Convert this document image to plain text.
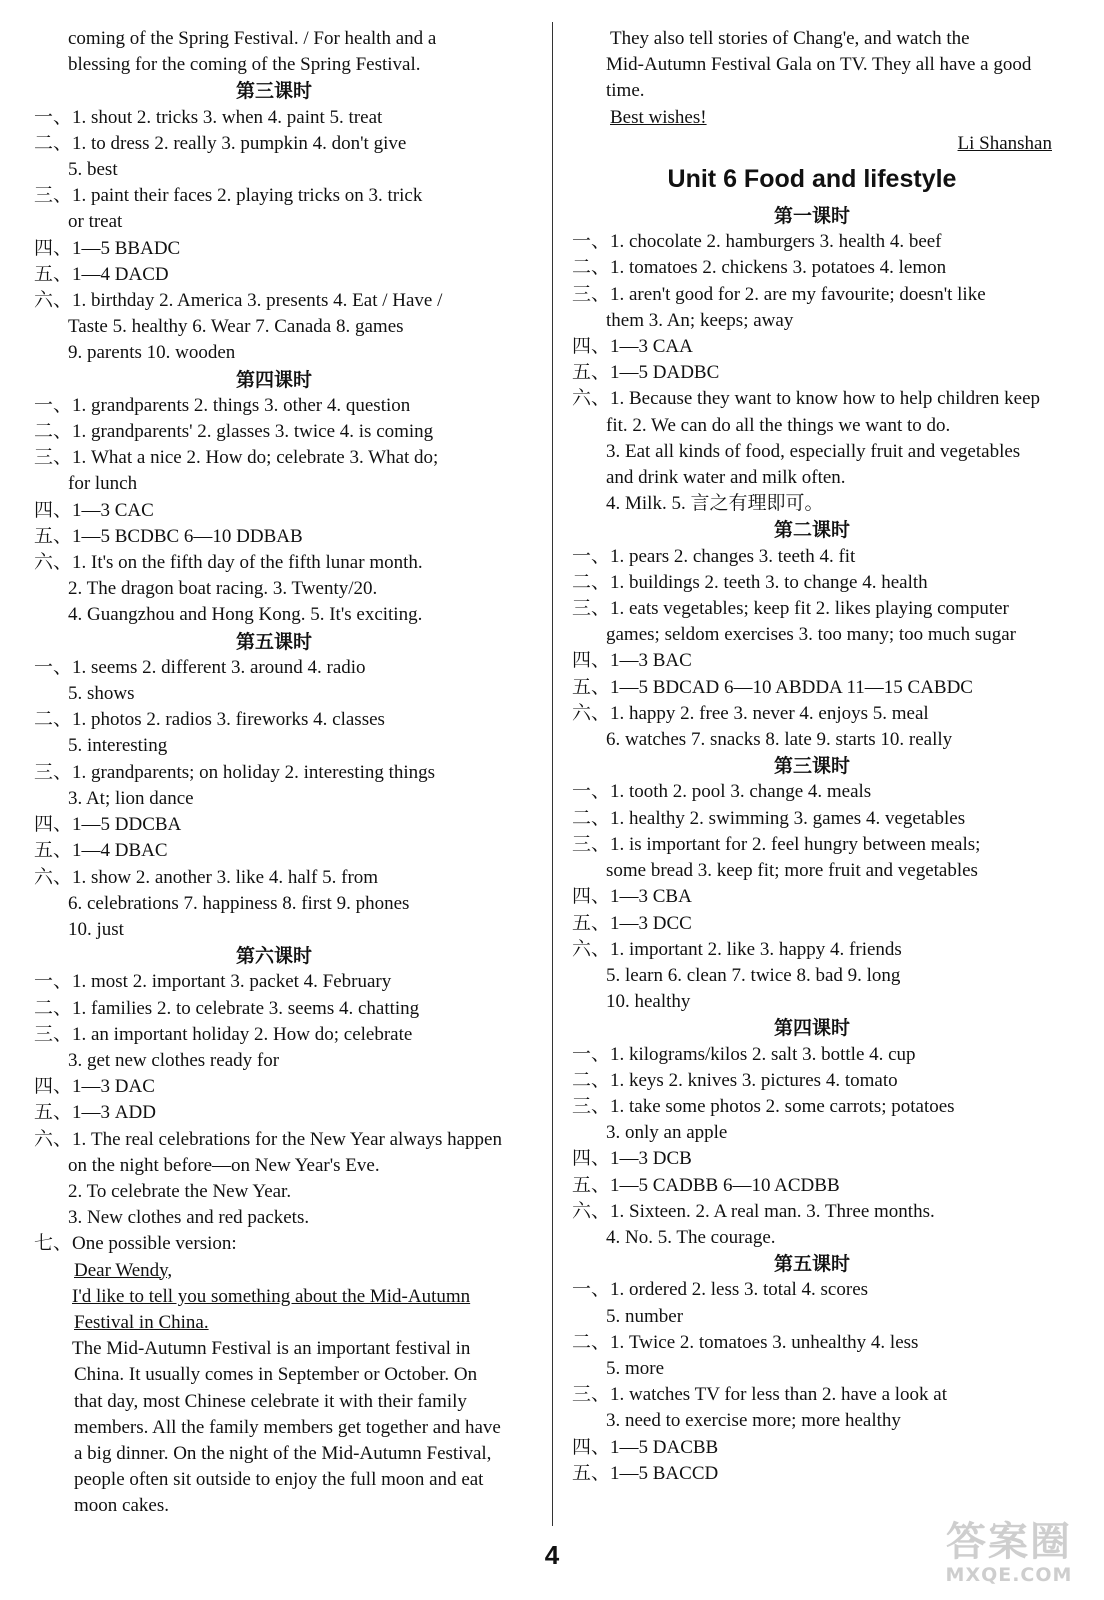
coming of the Spring Festival. / For health and a
blessing for the coming of the Spring Festival.
第三课时
一、1. shout 2. tricks 3. when 4. paint 5. treat
二、1. to dress 2. really 3. pumpkin 4. don't give
5. best
三、1. paint their faces 2. playing tricks on 3. trick
or treat
四、1—5 BBADC
五、1—4 DACD
六、1. birthday 2. America 3. presents 4. Eat / Have /
Taste 5. healthy 6. Wear 7. Canada 8. games
9. parents 10. wooden
第四课时
一、1. grandparents 2. things 3. other 4. question
二、1. grandparents' 2. glasses 3. twice 4. is coming
三、1. What a nice 2. How do; celebrate 3. What do;
for lunch
四、1—3 CAC
五、1—5 BCDBC 6—10 DDBAB
六、1. It's on the fifth day of the fifth lunar month.
2. The dragon boat racing. 3. Twenty/20.
4. Guangzhou and Hong Kong. 5. It's exciting.
第五课时
一、1. seems 2. different 3. around 4. radio
5. shows
二、1. photos 2. radios 3. fireworks 4. classes
5. interesting
三、1. grandparents; on holiday 2. interesting things
3. At; lion dance
四、1—5 DDCBA
五、1—4 DBAC
六、1. show 2. another 3. like 4. half 5. from
6. celebrations 7. happiness 8. first 9. phones
10. just
第六课时
一、1. most 2. important 3. packet 4. February
二、1. families 2. to celebrate 3. seems 4. chatting
三、1. an important holiday 2. How do; celebrate
3. get new clothes ready for
四、1—3 DAC
五、1—3 ADD
六、1. The real celebrations for the New Year always happen
on the night before—on New Year's Eve.
2. To celebrate the New Year.
3. New clothes and red packets.
七、One possible version:
Dear Wendy,
I'd like to tell you something about the Mid-Autumn
Festival in China.
The Mid-Autumn Festival is an important festival in
China. It usually comes in September or October. On
that day, most Chinese celebrate it with their family
members. All the family members get together and have
a big dinner. On the night of the Mid-Autumn Festival,
people often sit outside to enjoy the full moon and eat
moon cakes.
They also tell stories of Chang'e, and watch the
Mid-Autumn Festival Gala on TV. They all have a good
time.
Best wishes!
Li Shanshan
Unit 6 Food and lifestyle
第一课时
一、1. chocolate 2. hamburgers 3. health 4. beef
二、1. tomatoes 2. chickens 3. potatoes 4. lemon
三、1. aren't good for 2. are my favourite; doesn't like
them 3. An; keeps; away
四、1—3 CAA
五、1—5 DADBC
六、1. Because they want to know how to help children keep
fit. 2. We can do all the things we want to do.
3. Eat all kinds of food, especially fruit and vegetables
and drink water and milk often.
4. Milk. 5. 言之有理即可。
第二课时
一、1. pears 2. changes 3. teeth 4. fit
二、1. buildings 2. teeth 3. to change 4. health
三、1. eats vegetables; keep fit 2. likes playing computer
games; seldom exercises 3. too many; too much sugar
四、1—3 BAC
五、1—5 BDCAD 6—10 ABDDA 11—15 CABDC
六、1. happy 2. free 3. never 4. enjoys 5. meal
6. watches 7. snacks 8. late 9. starts 10. really
第三课时
一、1. tooth 2. pool 3. change 4. meals
二、1. healthy 2. swimming 3. games 4. vegetables
三、1. is important for 2. feel hungry between meals;
some bread 3. keep fit; more fruit and vegetables
四、1—3 CBA
五、1—3 DCC
六、1. important 2. like 3. happy 4. friends
5. learn 6. clean 7. twice 8. bad 9. long
10. healthy
第四课时
一、1. kilograms/kilos 2. salt 3. bottle 4. cup
二、1. keys 2. knives 3. pictures 4. tomato
三、1. take some photos 2. some carrots; potatoes
3. only an apple
四、1—3 DCB
五、1—5 CADBB 6—10 ACDBB
六、1. Sixteen. 2. A real man. 3. Three months.
4. No. 5. The courage.
第五课时
一、1. ordered 2. less 3. total 4. scores
5. number
二、1. Twice 2. tomatoes 3. unhealthy 4. less
5. more
三、1. watches TV for less than 2. have a look at
3. need to exercise more; more healthy
四、1—5 DACBB
五、1—5 BACCD
4	答案圈
MXQE.COM
